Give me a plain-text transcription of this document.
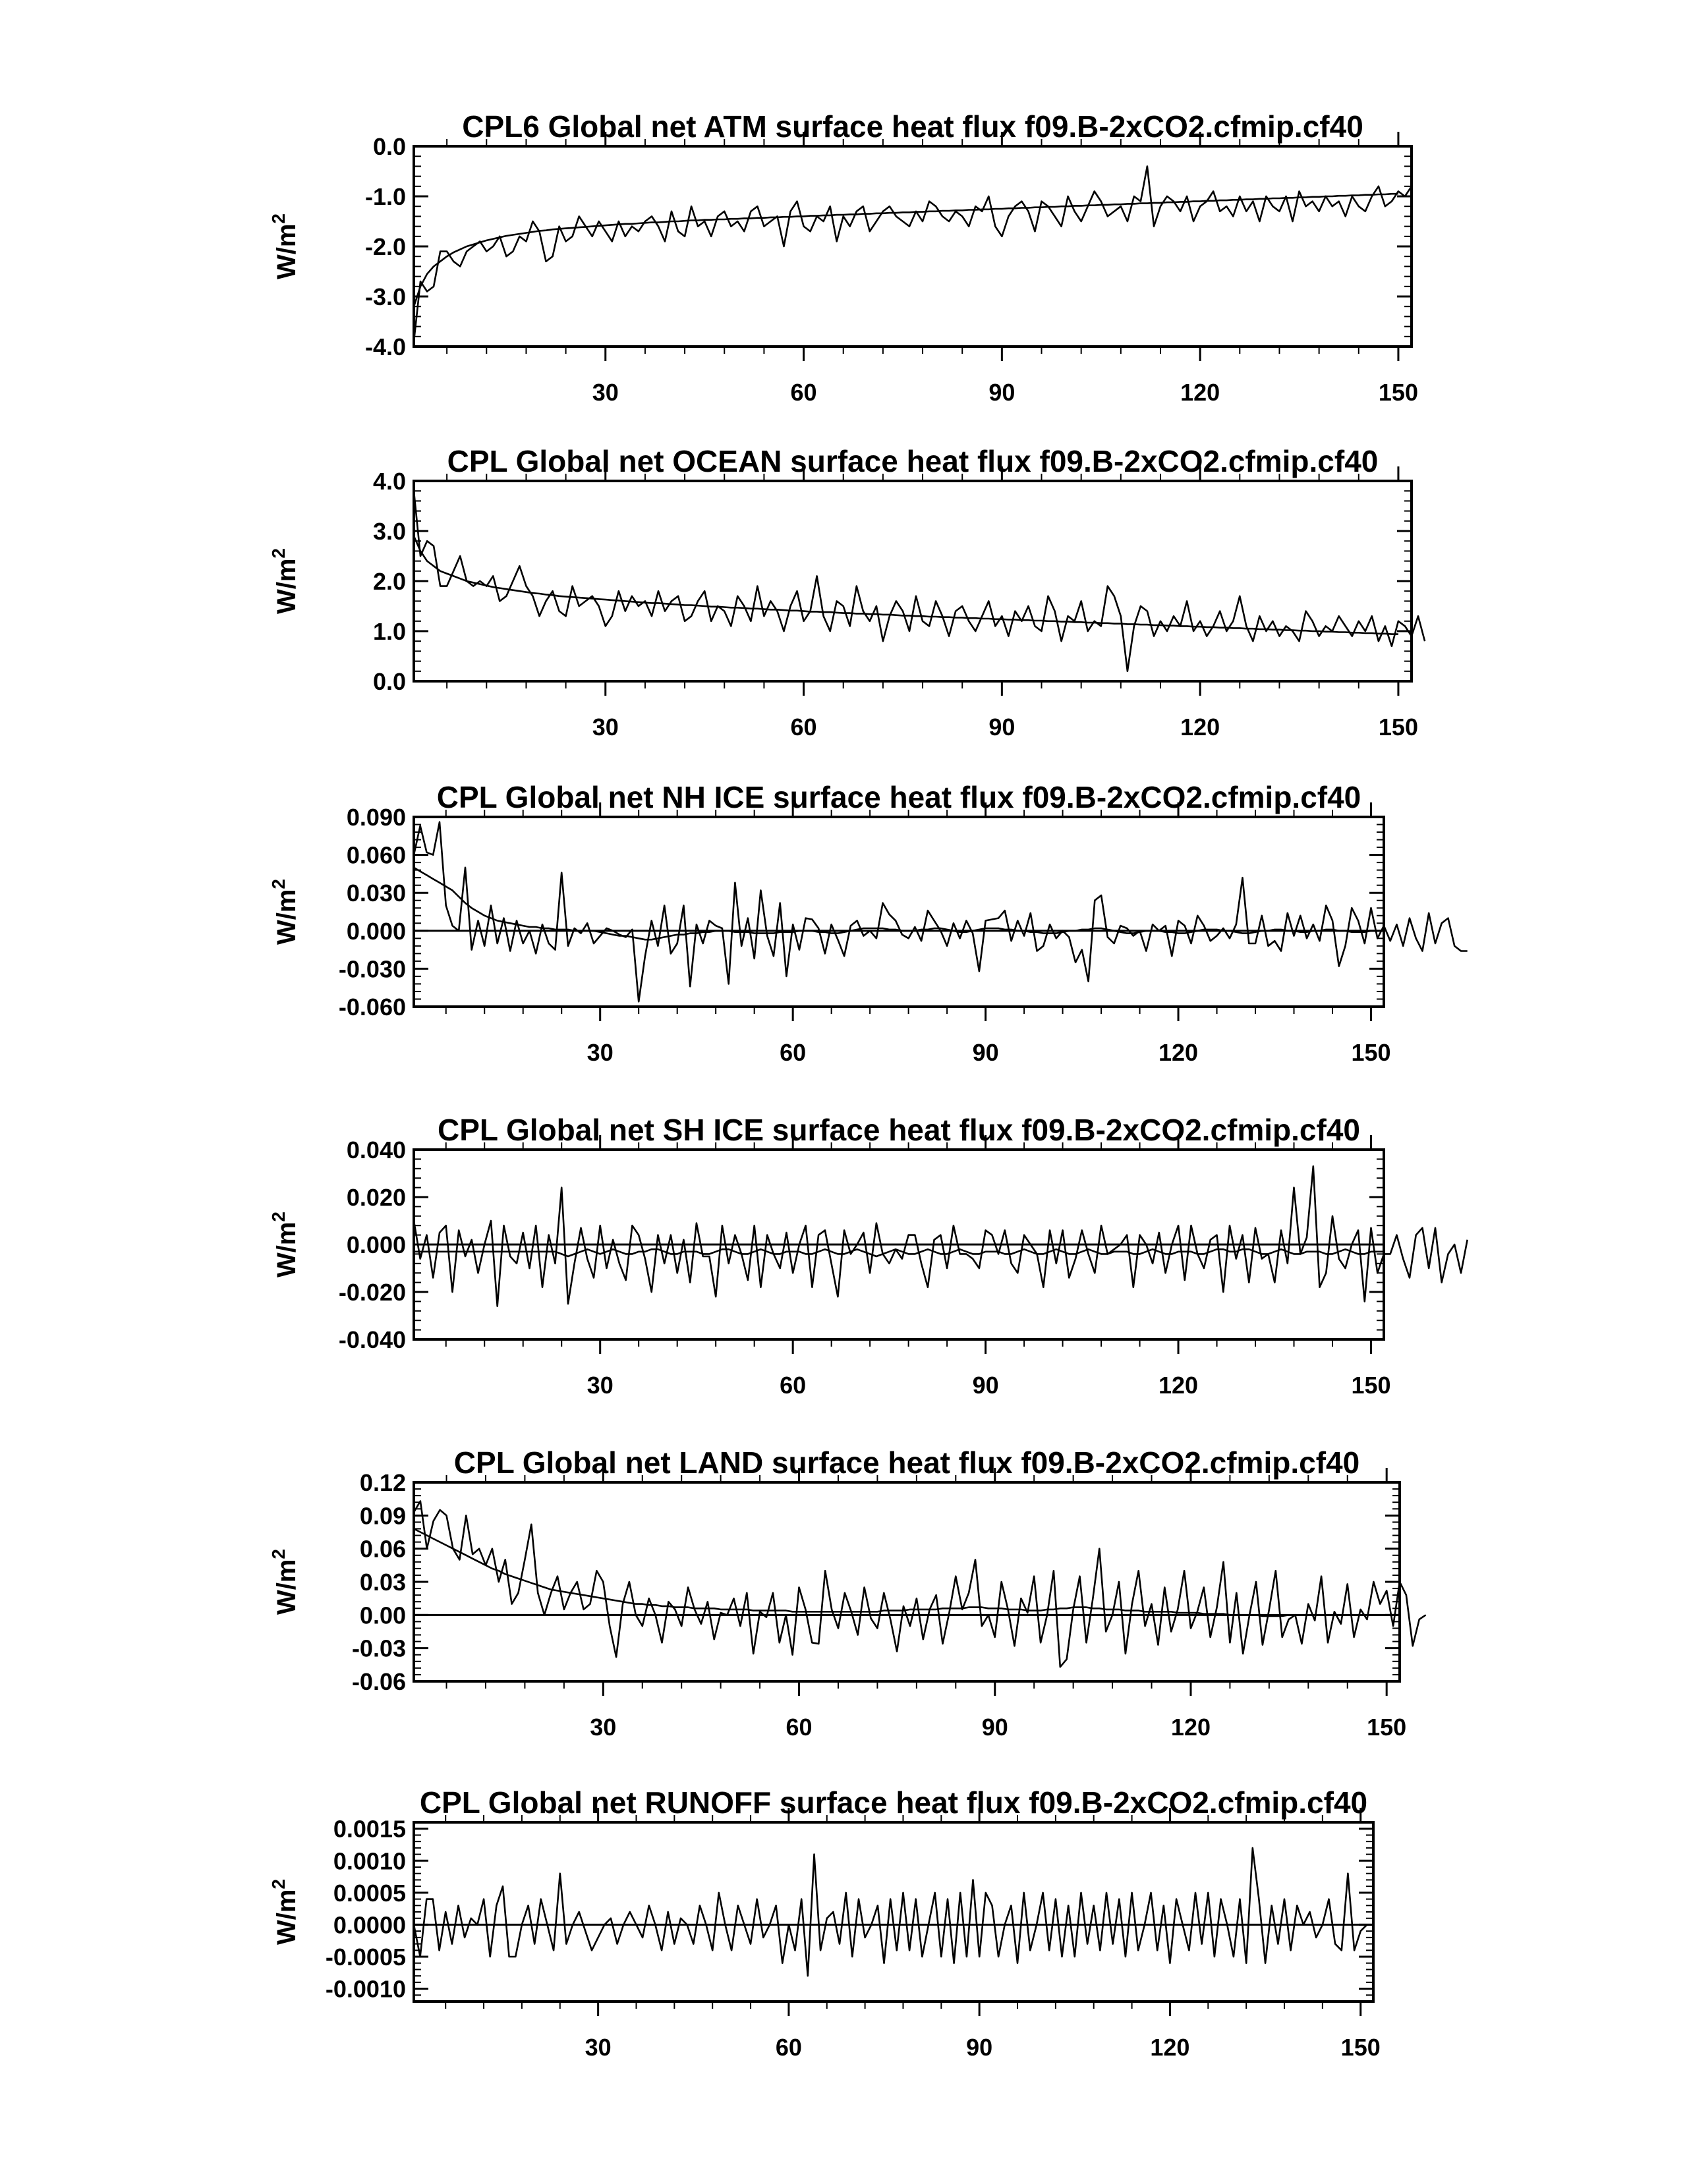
CPL6 Global net ATM surface heat flux f09.B-2xCO2.cfmip.cf40
$W/m^2$
-4.0
-3.0
-2.0
-1.0
0.0
30	60	90	120	150
CPL Global net OCEAN surface heat flux f09.B-2xCO2.cfmip.cf40
$W/m^2$
0.0
1.0
2.0
3.0
4.0
30	60	90	120	150
CPL Global net NH ICE surface heat flux f09.B-2xCO2.cfmip.cf40
$W/m^2$
-0.060
-0.030
0.000
0.030
0.060
0.090
30	60	90	120	150
CPL Global net SH ICE surface heat flux f09.B-2xCO2.cfmip.cf40
$W/m^2$
-0.040
-0.020
0.000
0.020
0.040
30	60	90	120	150
CPL Global net LAND surface heat flux f09.B-2xCO2.cfmip.cf40
$W/m^2$
-0.06
-0.03
0.00
0.03
0.06
0.09
0.12
30	60	90	120	150
CPL Global net RUNOFF surface heat flux f09.B-2xCO2.cfmip.cf40
$W/m^2$
-0.0010
-0.0005
0.0000
0.0005
0.0010
0.0015
30	60	90	120	150
